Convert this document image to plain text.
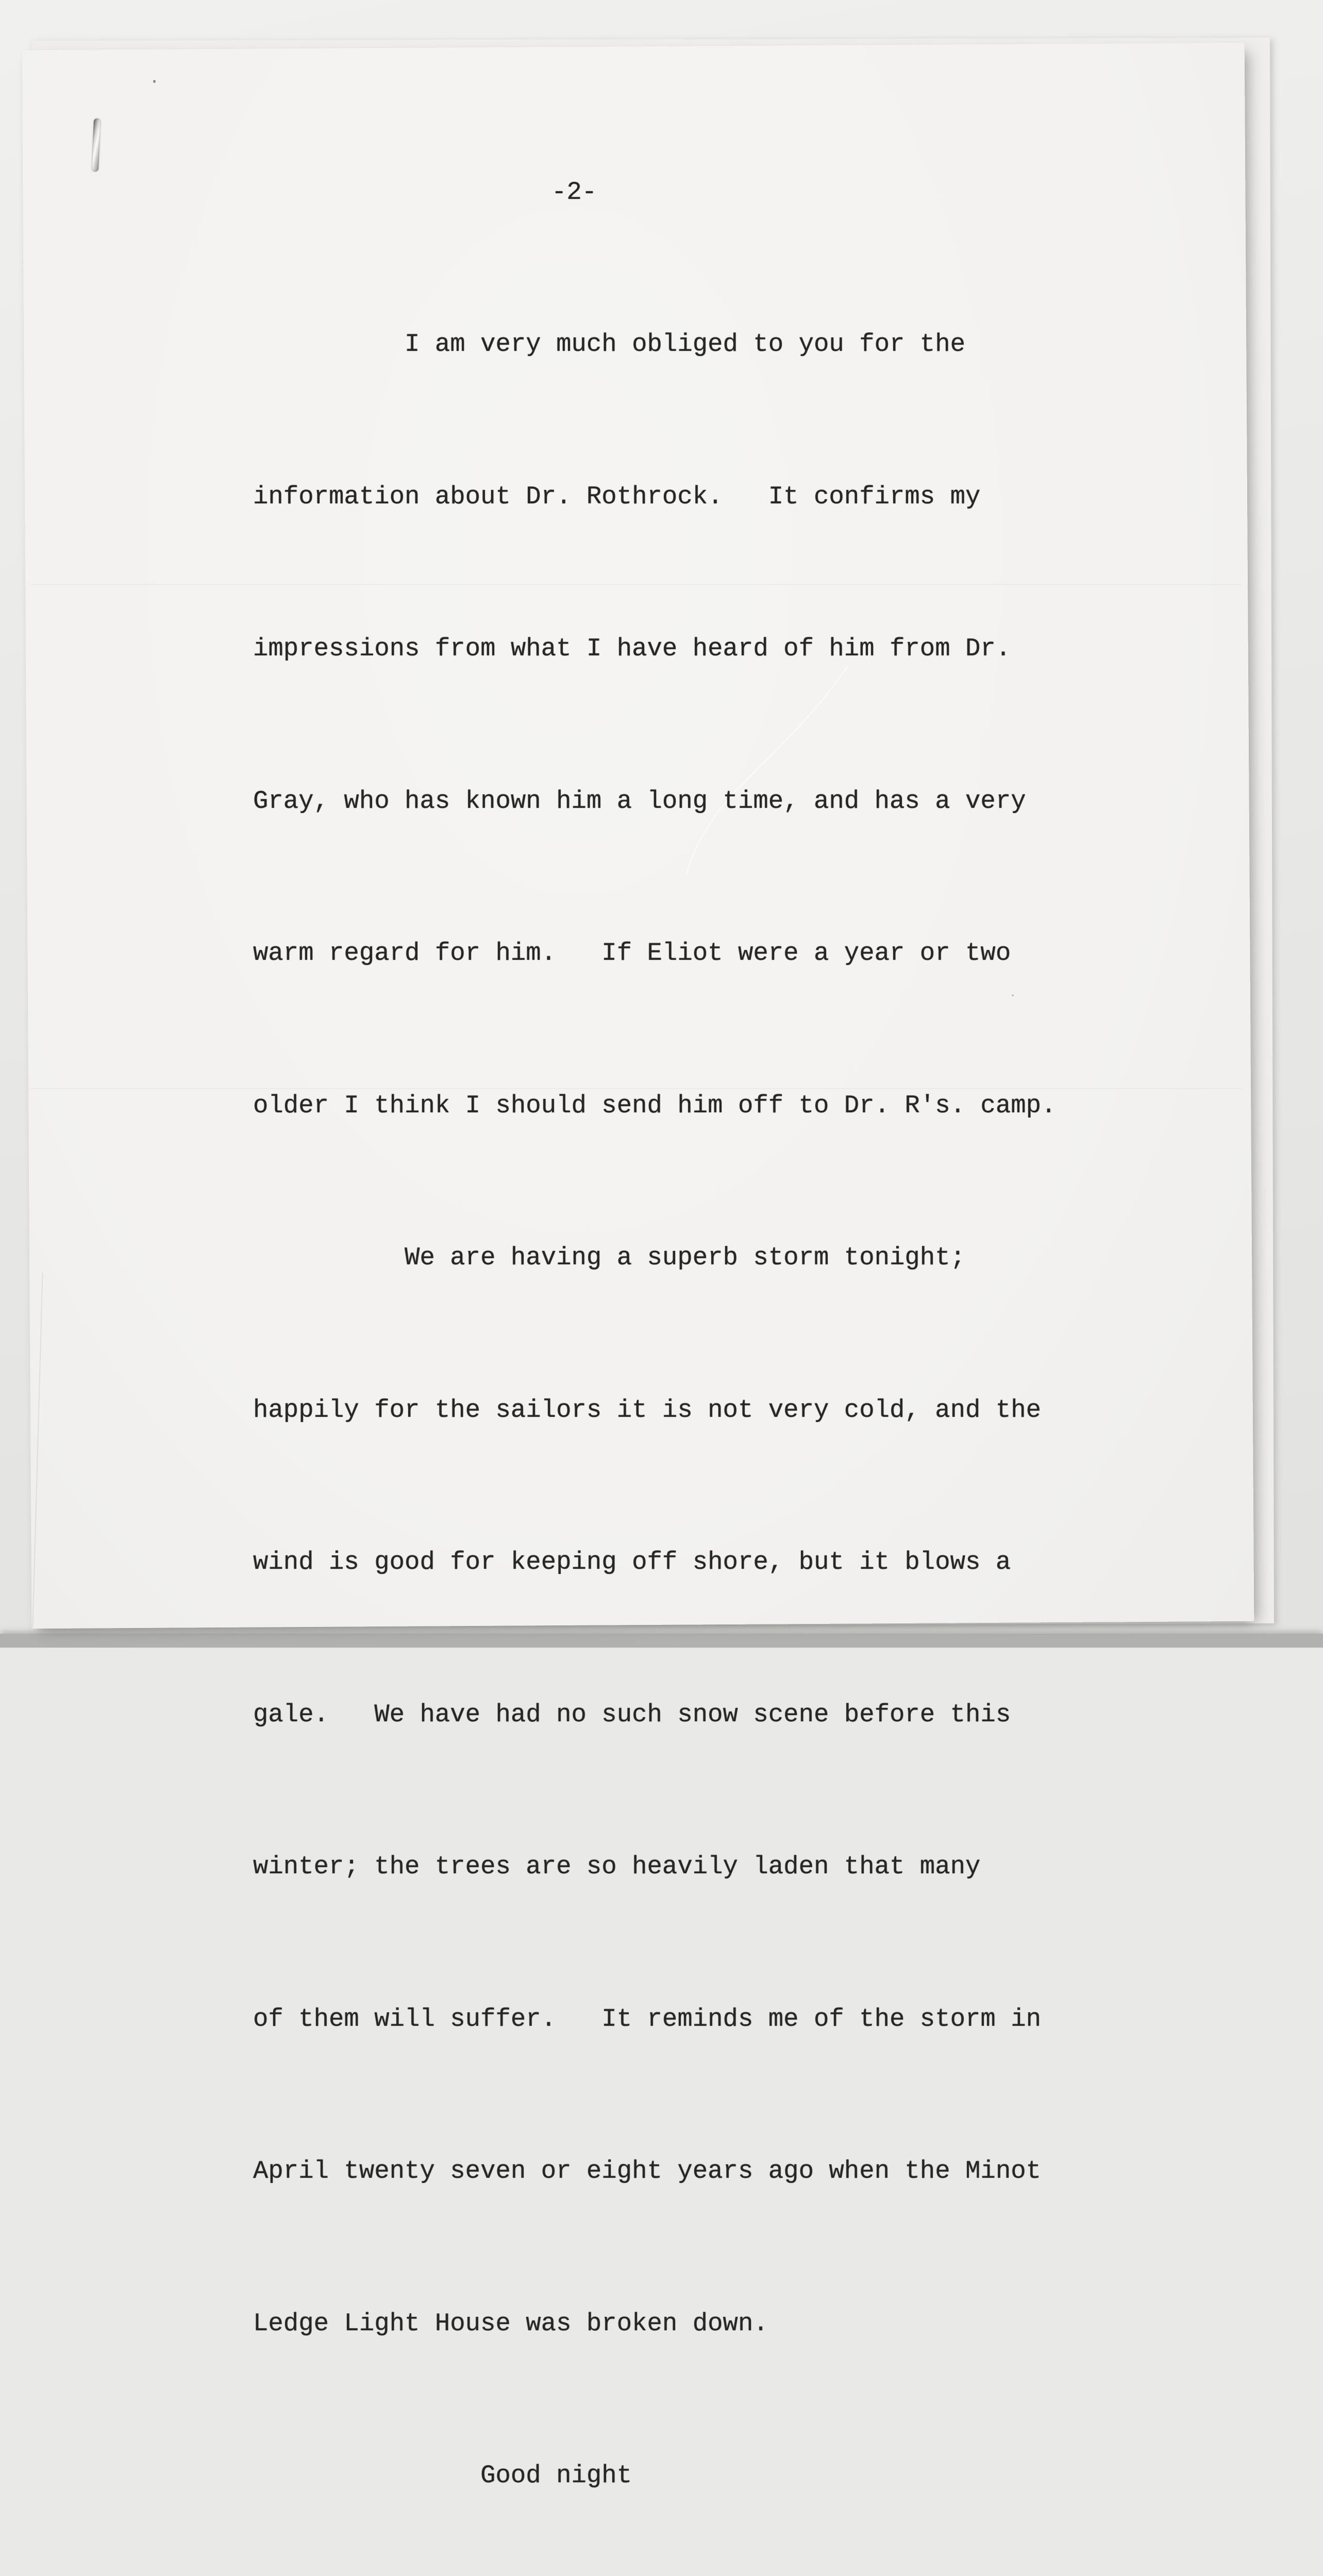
-2-

I am very much obliged to you for the

information about Dr. Rothrock.   It confirms my

impressions from what I have heard of him from Dr.

Gray, who has known him a long time, and has a very

warm regard for him.   If Eliot were a year or two

older I think I should send him off to Dr. R's. camp.

We are having a superb storm tonight;

happily for the sailors it is not very cold, and the

wind is good for keeping off shore, but it blows a

gale.   We have had no such snow scene before this

winter; the trees are so heavily laden that many

of them will suffer.   It reminds me of the storm in

April twenty seven or eight years ago when the Minot

Ledge Light House was broken down.

Good night
